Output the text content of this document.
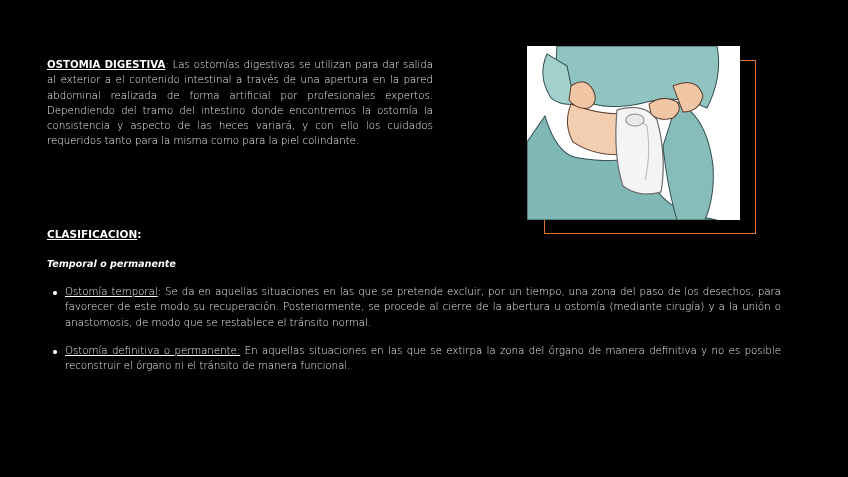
OSTOMIA DIGESTIVA: Las ostomías digestivas se utilizan para dar salida al exterior a el contenido intestinal a través de una apertura en la pared abdominal realizada de forma artificial por profesionales expertos. Dependiendo del tramo del intestino donde encontremos la ostomía la consistencia y aspecto de las heces variará, y con ello los cuidados requeridos tanto para la misma como para la piel colindante.

CLASIFICACION:

Temporal o permanente

Ostomía temporal: Se da en aquellas situaciones en las que se pretende excluir, por un tiempo, una zona del paso de los desechos, para favorecer de este modo su recuperación. Posteriormente, se procede al cierre de la abertura u ostomía (mediante cirugía) y a la unión o anastomosis, de modo que se restablece el tránsito normal.
Ostomía definitiva o permanente: En aquellas situaciones en las que se extirpa la zona del órgano de manera definitiva y no es posible reconstruir el órgano ni el tránsito de manera funcional.
